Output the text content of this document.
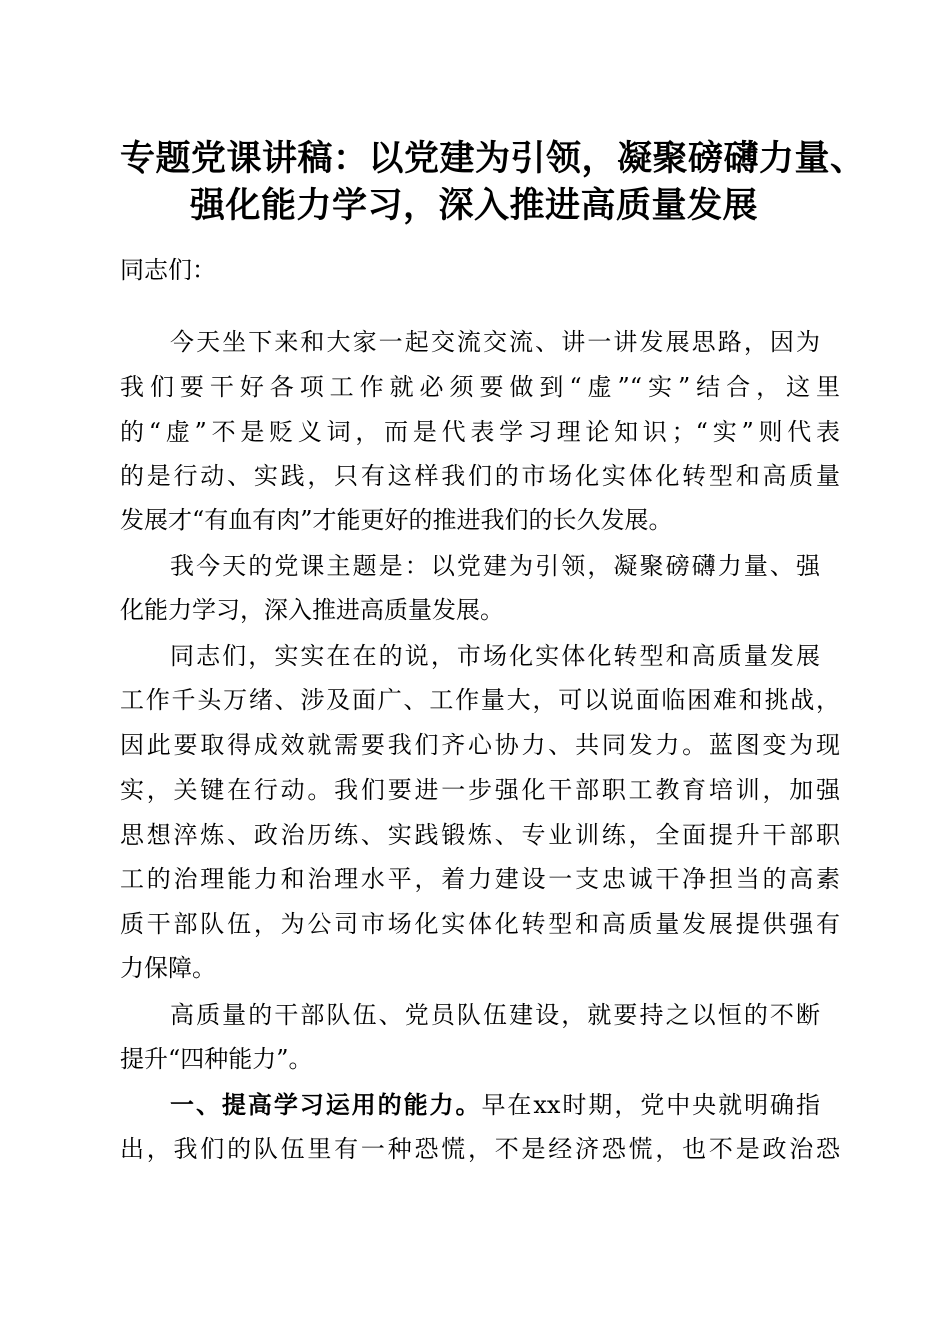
专题党课讲稿：以党建为引领，凝聚磅礴力量、
强化能力学习，深入推进高质量发展
同志们：
今天坐下来和大家一起交流交流、讲一讲发展思路，因为
我们要干好各项工作就必须要做到“虚”“实”结合，这里
的“虚”不是贬义词，而是代表学习理论知识；“实”则代表
的是行动、实践，只有这样我们的市场化实体化转型和高质量
发展才“有血有肉”才能更好的推进我们的长久发展。
我今天的党课主题是：以党建为引领，凝聚磅礴力量、强
化能力学习，深入推进高质量发展。
同志们，实实在在的说，市场化实体化转型和高质量发展
工作千头万绪、涉及面广、工作量大，可以说面临困难和挑战，
因此要取得成效就需要我们齐心协力、共同发力。蓝图变为现
实，关键在行动。我们要进一步强化干部职工教育培训，加强
思想淬炼、政治历练、实践锻炼、专业训练，全面提升干部职
工的治理能力和治理水平，着力建设一支忠诚干净担当的高素
质干部队伍，为公司市场化实体化转型和高质量发展提供强有
力保障。
高质量的干部队伍、党员队伍建设，就要持之以恒的不断
提升“四种能力”。
一、提高学习运用的能力。早在xx时期，党中央就明确指
出，我们的队伍里有一种恐慌，不是经济恐慌，也不是政治恐
